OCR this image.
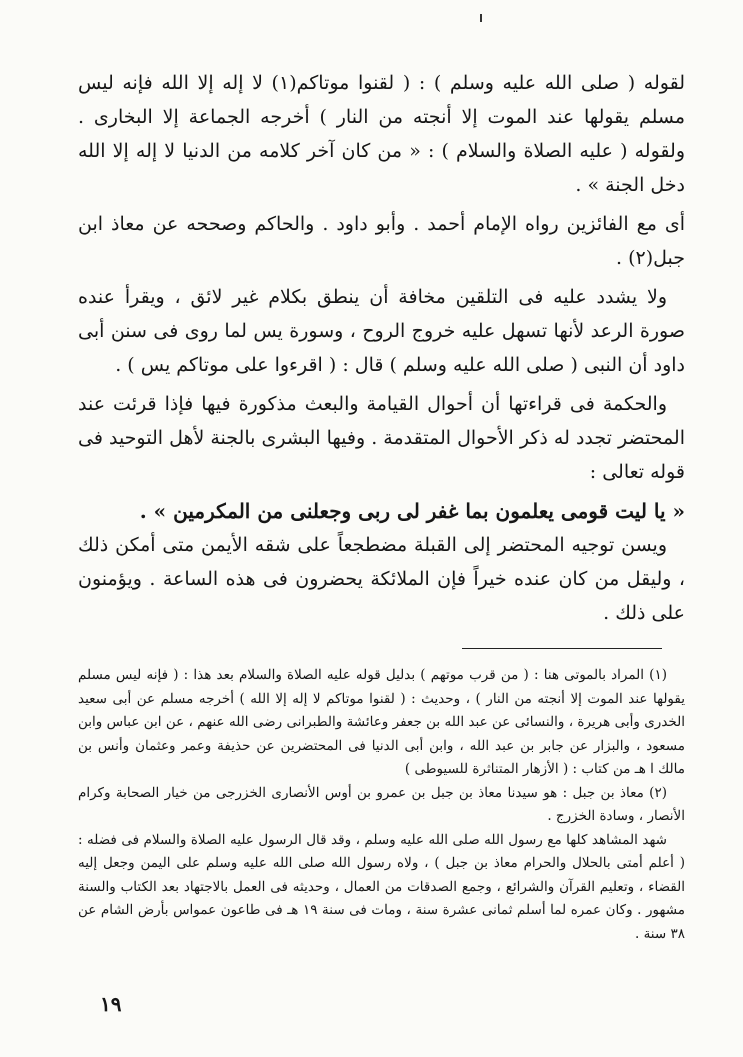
لقوله ( صلى الله عليه وسلم ) : ( لقنوا موتاكم(١) لا إله إلا الله فإنه ليس مسلم يقولها عند الموت إلا أنجته من النار ) أخرجه الجماعة إلا البخارى . ولقوله ( عليه الصلاة والسلام ) : « من كان آخر كلامه من الدنيا لا إله إلا الله دخل الجنة » .

أى مع الفائزين رواه الإمام أحمد . وأبو داود . والحاكم وصححه عن معاذ ابن جبل(٢) .

ولا يشدد عليه فى التلقين مخافة أن ينطق بكلام غير لائق ، ويقرأ عنده صورة الرعد لأنها تسهل عليه خروج الروح ، وسورة يس لما روى فى سنن أبى داود أن النبى ( صلى الله عليه وسلم ) قال : ( اقرءوا على موتاكم يس ) .

والحكمة فى قراءتها أن أحوال القيامة والبعث مذكورة فيها فإذا قرئت عند المحتضر تجدد له ذكر الأحوال المتقدمة . وفيها البشرى بالجنة لأهل التوحيد فى قوله تعالى :

« يا ليت قومى يعلمون بما غفر لى ربى وجعلنى من المكرمين » .

ويسن توجيه المحتضر إلى القبلة مضطجعاً على شقه الأيمن متى أمكن ذلك ، وليقل من كان عنده خيراً فإن الملائكة يحضرون فى هذه الساعة . ويؤمنون على ذلك .

(١) المراد بالموتى هنا : ( من قرب موتهم ) بدليل قوله عليه الصلاة والسلام بعد هذا : ( فإنه ليس مسلم يقولها عند الموت إلا أنجته من النار ) ، وحديث : ( لقنوا موتاكم لا إله إلا الله ) أخرجه مسلم عن أبى سعيد الخدرى وأبى هريرة ، والنسائى عن عبد الله بن جعفر وعائشة والطبرانى رضى الله عنهم ، عن ابن عباس وابن مسعود ، والبزار عن جابر بن عبد الله ، وابن أبى الدنيا فى المحتضرين عن حذيفة وعمر وعثمان وأنس بن مالك ا هـ من كتاب : ( الأزهار المتناثرة للسيوطى )

(٢) معاذ بن جبل : هو سيدنا معاذ بن جبل بن عمرو بن أوس الأنصارى الخزرجى من خيار الصحابة وكرام الأنصار ، وسادة الخزرج .

شهد المشاهد كلها مع رسول الله صلى الله عليه وسلم ، وقد قال الرسول عليه الصلاة والسلام فى فضله : ( أعلم أمتى بالحلال والحرام معاذ بن جبل ) ، ولاه رسول الله صلى الله عليه وسلم على اليمن وجعل إليه القضاء ، وتعليم القرآن والشرائع ، وجمع الصدقات من العمال ، وحديثه فى العمل بالاجتهاد بعد الكتاب والسنة مشهور . وكان عمره لما أسلم ثمانى عشرة سنة ، ومات فى سنة ١٩ هـ فى طاعون عمواس بأرض الشام عن ٣٨ سنة .

١٩
